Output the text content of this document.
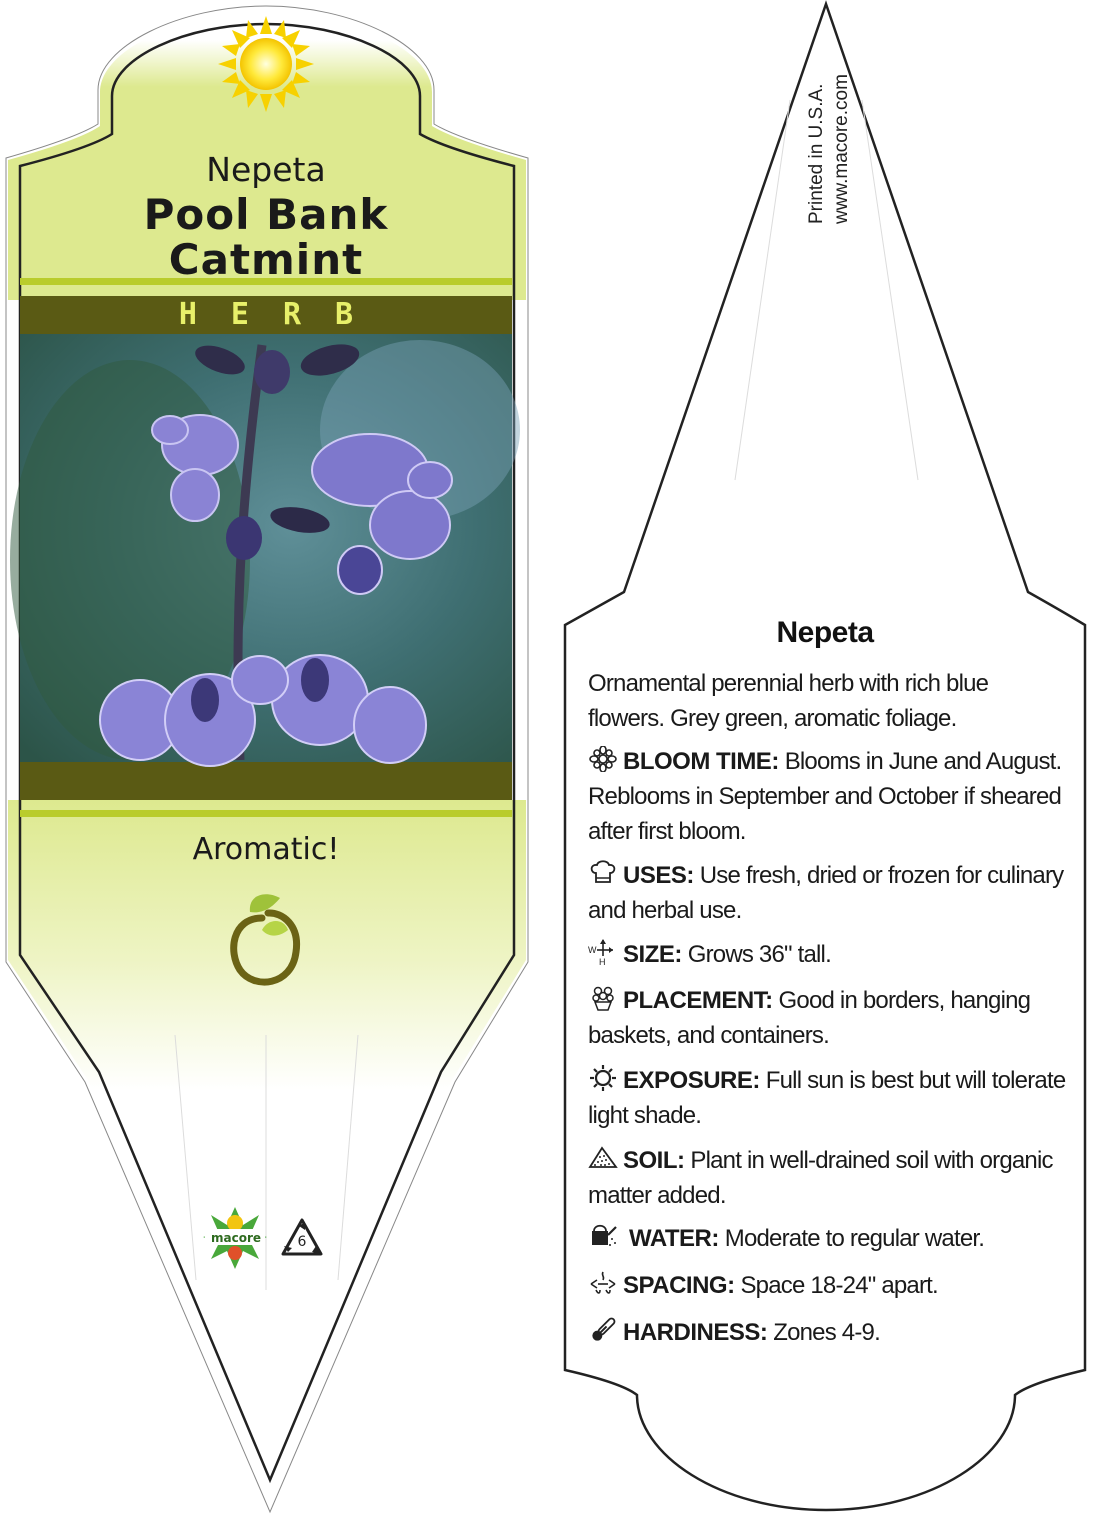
Nepeta
Pool Bank
Catmint
HERB
Aromatic!
macore	6
Printed in U.S.A. www.macore.com
Nepeta
Ornamental perennial herb with rich blue flowers. Grey green, aromatic foliage.
BLOOM TIME: Blooms in June and August. Reblooms in September and October if sheared after first bloom.
USES: Use fresh, dried or frozen for culinary and herbal use.
W
H SIZE: Grows 36" tall.
PLACEMENT: Good in borders, hanging baskets, and containers.
EXPOSURE: Full sun is best but will tolerate light shade.
SOIL: Plant in well-drained soil with organic matter added.
WATER: Moderate to regular water.
SPACING: Space 18-24" apart.
HARDINESS: Zones 4-9.
